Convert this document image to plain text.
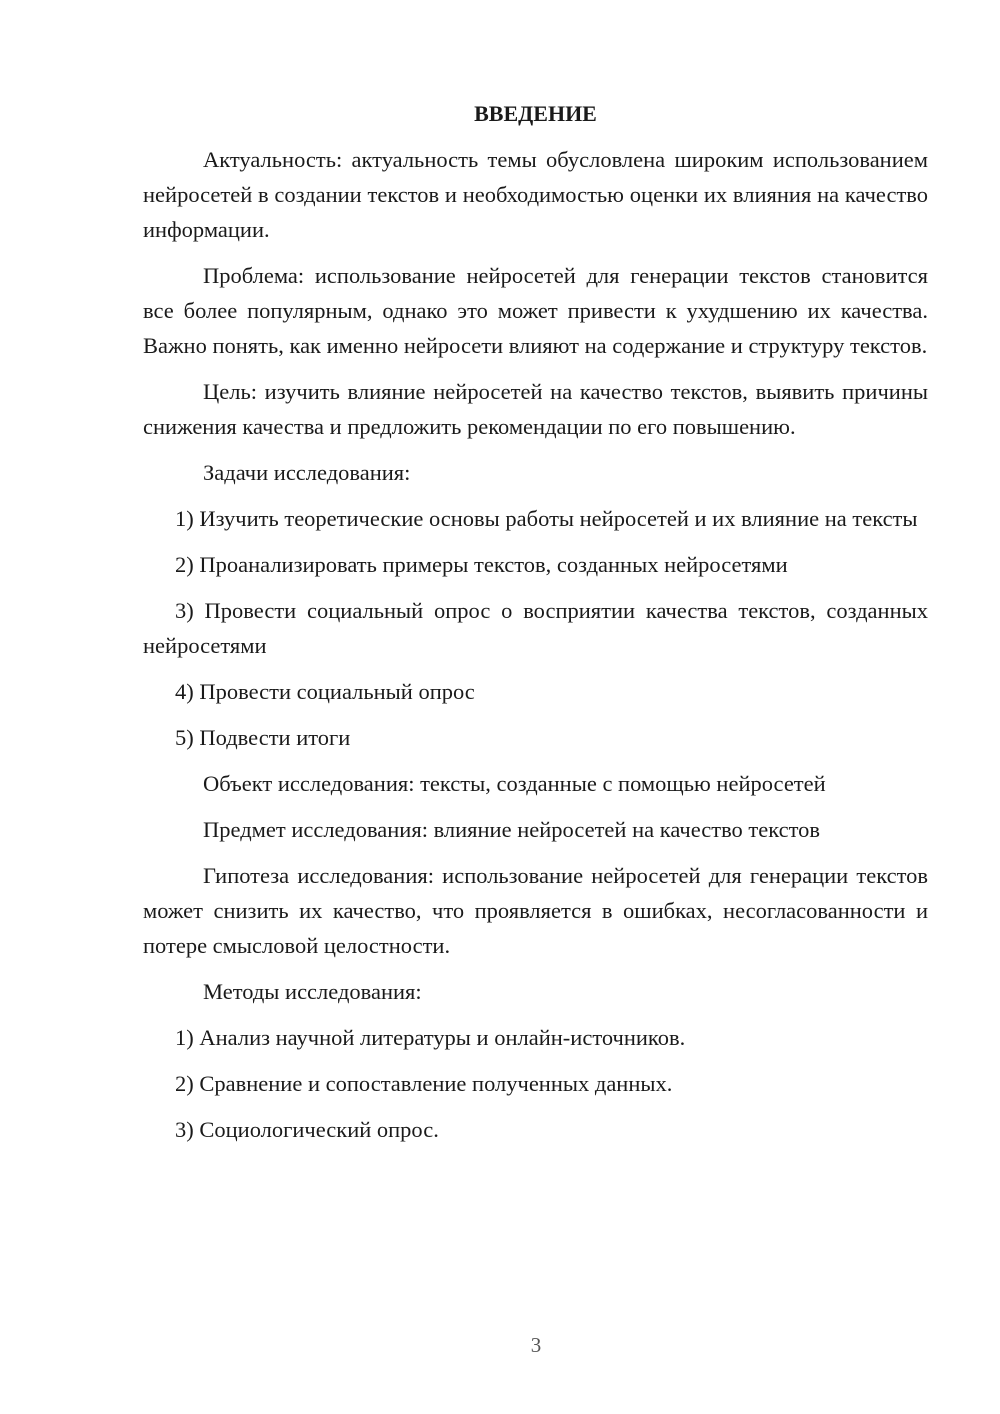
ВВЕДЕНИЕ

Актуальность: актуальность темы обусловлена широким использованием нейросетей в создании текстов и необходимостью оценки их влияния на качество информации.

Проблема: использование нейросетей для генерации текстов становится все более популярным, однако это может привести к ухудшению их качества. Важно понять, как именно нейросети влияют на содержание и структуру текстов.

Цель: изучить влияние нейросетей на качество текстов, выявить причины снижения качества и предложить рекомендации по его повышению.

Задачи исследования:

1) Изучить теоретические основы работы нейросетей и их влияние на тексты

2) Проанализировать примеры текстов, созданных нейросетями

3) Провести социальный опрос о восприятии качества текстов, созданных нейросетями

4) Провести социальный опрос

5) Подвести итоги

Объект исследования: тексты, созданные с помощью нейросетей

Предмет исследования: влияние нейросетей на качество текстов

Гипотеза исследования: использование нейросетей для генерации текстов может снизить их качество, что проявляется в ошибках, несогласованности и потере смысловой целостности.

Методы исследования:

1) Анализ научной литературы и онлайн-источников.

2) Сравнение и сопоставление полученных данных.

3) Социологический опрос.

3
